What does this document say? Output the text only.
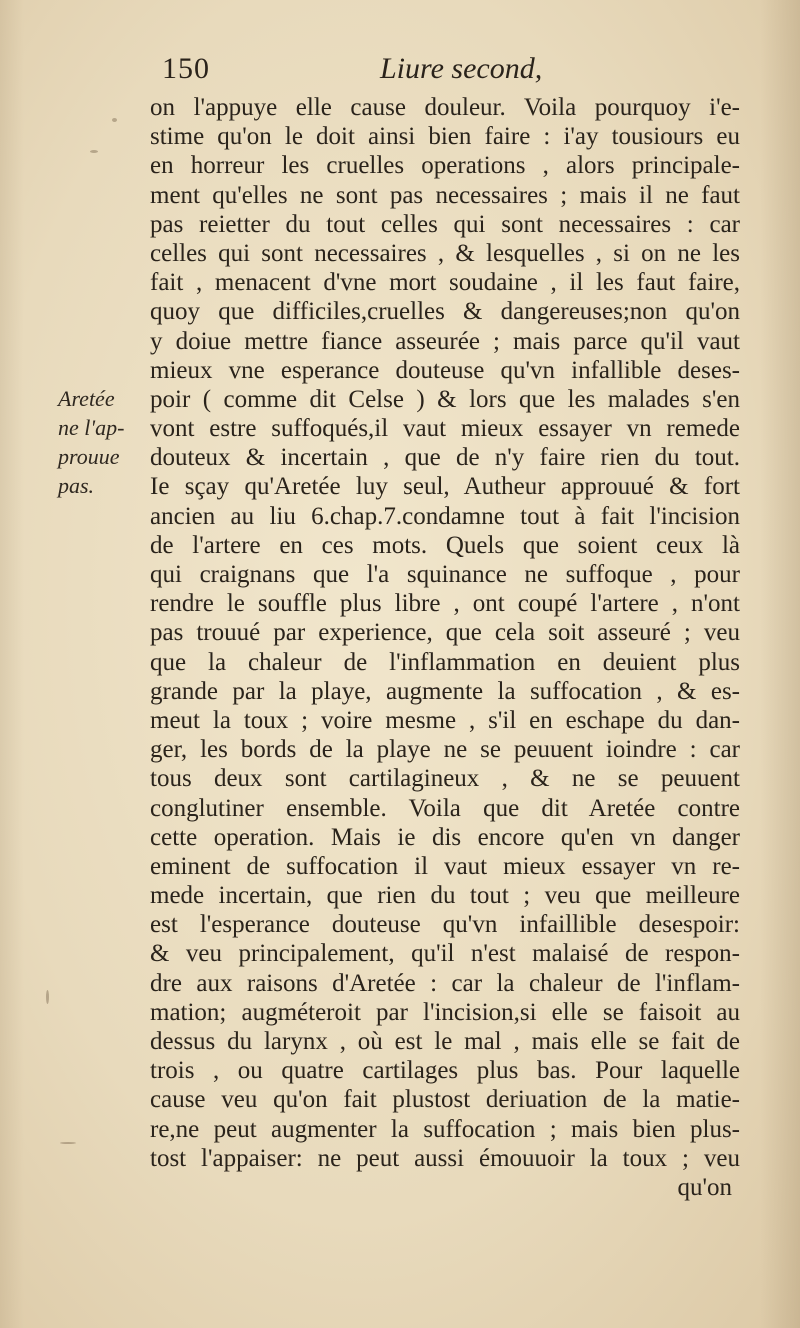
150	Liure second,
Aretée
ne l'ap-
prouue
pas.
on l'appuye elle cause douleur. Voila pourquoy i'e-
stime qu'on le doit ainsi bien faire : i'ay tousiours eu
en horreur les cruelles operations , alors principale-
ment qu'elles ne sont pas necessaires ; mais il ne faut
pas reietter du tout celles qui sont necessaires : car
celles qui sont necessaires , & lesquelles , si on ne les
fait , menacent d'vne mort soudaine , il les faut faire,
quoy que difficiles,cruelles & dangereuses;non qu'on
y doiue mettre fiance asseurée ; mais parce qu'il vaut
mieux vne esperance douteuse qu'vn infallible deses-
poir ( comme dit Celse ) & lors que les malades s'en
vont estre suffoqués,il vaut mieux essayer vn remede
douteux & incertain , que de n'y faire rien du tout.
Ie sçay qu'Aretée luy seul, Autheur approuué & fort
ancien au liu 6.chap.7.condamne tout à fait l'incision
de l'artere en ces mots. Quels que soient ceux là
qui craignans que l'a squinance ne suffoque , pour
rendre le souffle plus libre , ont coupé l'artere , n'ont
pas trouué par experience, que cela soit asseuré ; veu
que la chaleur de l'inflammation en deuient plus
grande par la playe, augmente la suffocation , & es-
meut la toux ; voire mesme , s'il en eschape du dan-
ger, les bords de la playe ne se peuuent ioindre : car
tous deux sont cartilagineux , & ne se peuuent
conglutiner ensemble. Voila que dit Aretée contre
cette operation. Mais ie dis encore qu'en vn danger
eminent de suffocation il vaut mieux essayer vn re-
mede incertain, que rien du tout ; veu que meilleure
est l'esperance douteuse qu'vn infaillible desespoir:
& veu principalement, qu'il n'est malaisé de respon-
dre aux raisons d'Aretée : car la chaleur de l'inflam-
mation; augméteroit par l'incision,si elle se faisoit au
dessus du larynx , où est le mal , mais elle se fait de
trois , ou quatre cartilages plus bas. Pour laquelle
cause veu qu'on fait plustost deriuation de la matie-
re,ne peut augmenter la suffocation ; mais bien plus-
tost l'appaiser: ne peut aussi émouuoir la toux ; veu
qu'on
